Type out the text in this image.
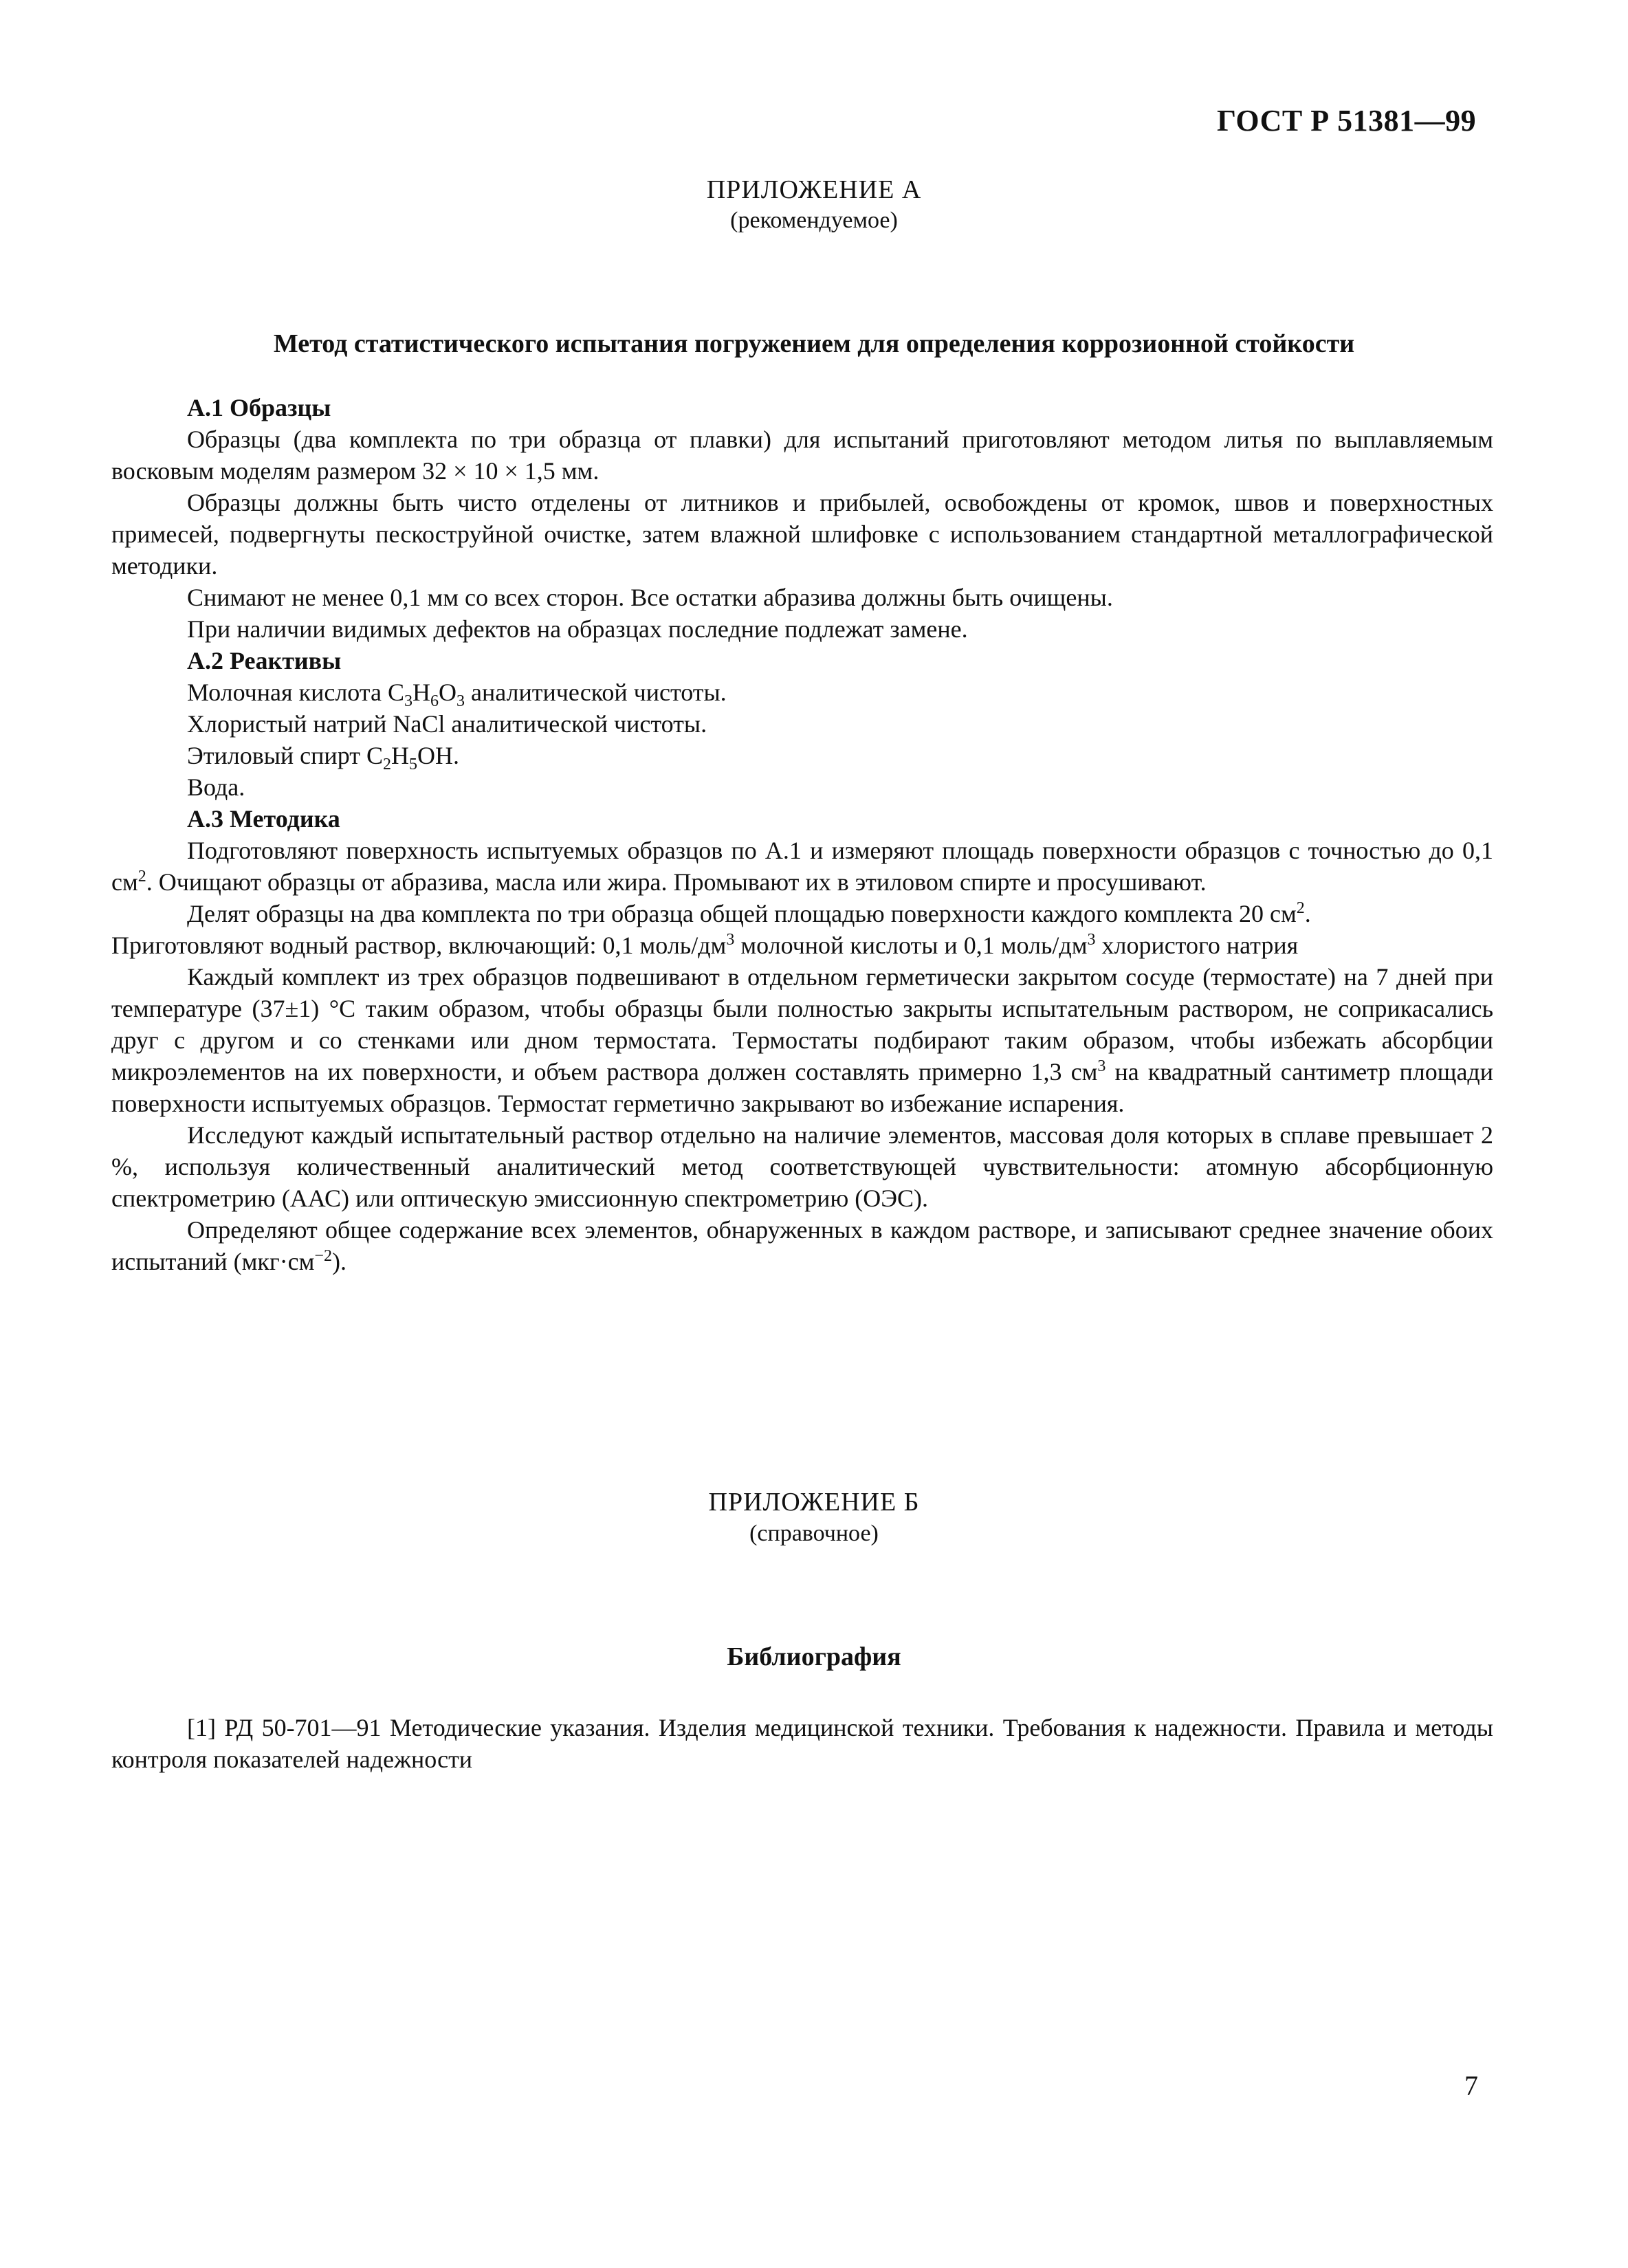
ГОСТ Р 51381—99
ПРИЛОЖЕНИЕ А
(рекомендуемое)
Метод статистического испытания погружением для определения коррозионной стойкости

А.1 Образцы

Образцы (два комплекта по три образца от плавки) для испытаний приготовляют методом литья по выплавляемым восковым моделям размером 32 × 10 × 1,5 мм.

Образцы должны быть чисто отделены от литников и прибылей, освобождены от кромок, швов и поверхностных примесей, подвергнуты пескоструйной очистке, затем влажной шлифовке с использованием стандартной металлографической методики.

Снимают не менее 0,1 мм со всех сторон. Все остатки абразива должны быть очищены.

При наличии видимых дефектов на образцах последние подлежат замене.

А.2 Реактивы

Молочная кислота $C_3H_6O_3$ аналитической чистоты.

Хлористый натрий NaCl аналитической чистоты.

Этиловый спирт $C_2H_5OH$.

Вода.

А.3 Методика

Подготовляют поверхность испытуемых образцов по А.1 и измеряют площадь поверхности образцов с точностью до 0,1 $см^2$. Очищают образцы от абразива, масла или жира. Промывают их в этиловом спирте и просушивают.

Делят образцы на два комплекта по три образца общей площадью поверхности каждого комплекта 20 $см^2$.

Приготовляют водный раствор, включающий: 0,1 моль/$дм^3$ молочной кислоты и 0,1 моль/$дм^3$ хлористого натрия

Каждый комплект из трех образцов подвешивают в отдельном герметически закрытом сосуде (термостате) на 7 дней при температуре (37±1) °С таким образом, чтобы образцы были полностью закрыты испытательным раствором, не соприкасались друг с другом и со стенками или дном термостата. Термостаты подбирают таким образом, чтобы избежать абсорбции микроэлементов на их поверхности, и объем раствора должен составлять примерно 1,3 $см^3$ на квадратный сантиметр площади поверхности испытуемых образцов. Термостат герметично закрывают во избежание испарения.

Исследуют каждый испытательный раствор отдельно на наличие элементов, массовая доля которых в сплаве превышает 2 %, используя количественный аналитический метод соответствующей чувствительности: атомную абсорбционную спектрометрию (ААС) или оптическую эмиссионную спектрометрию (ОЭС).

Определяют общее содержание всех элементов, обнаруженных в каждом растворе, и записывают среднее значение обоих испытаний $(мкг\cdot см^{-2})$.

ПРИЛОЖЕНИЕ Б
(справочное)
Библиография

[1] РД 50-701—91 Методические указания. Изделия медицинской техники. Требования к надежности. Правила и методы контроля показателей надежности

7
